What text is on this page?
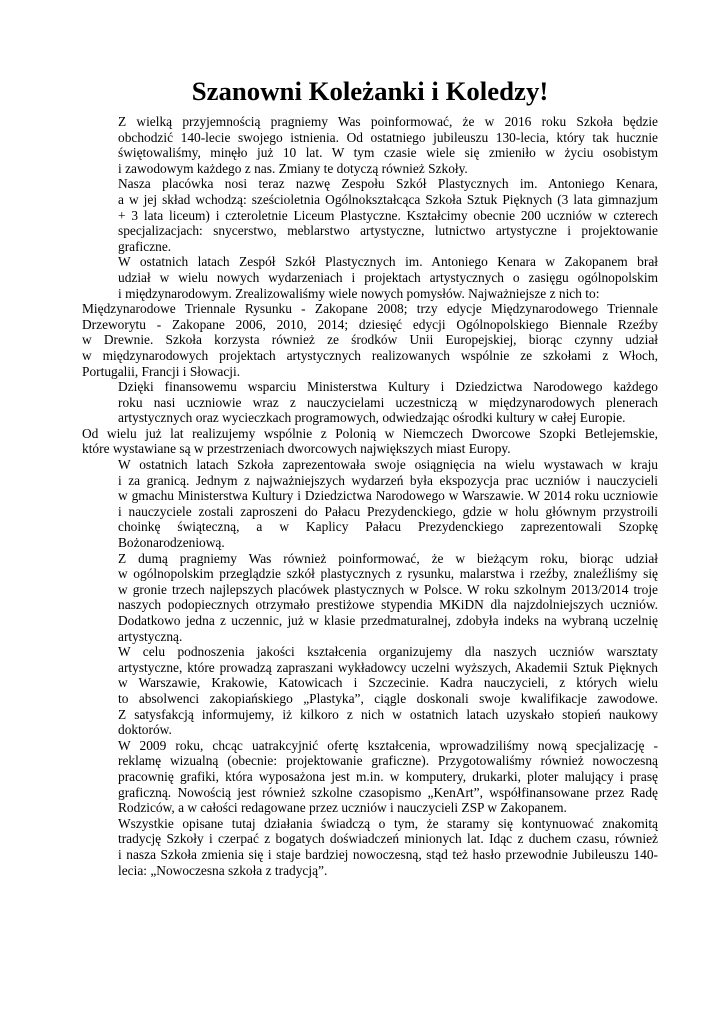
Szanowni Koleżanki i Koledzy!

Z wielką przyjemnością pragniemy Was poinformować, że w 2016 roku Szkoła będzie
obchodzić 140-lecie swojego istnienia. Od ostatniego jubileuszu 130-lecia, który tak hucznie
świętowaliśmy, minęło już 10 lat. W tym czasie wiele się zmieniło w życiu osobistym
i zawodowym każdego z nas. Zmiany te dotyczą również Szkoły.

Nasza placówka nosi teraz nazwę Zespołu Szkół Plastycznych im. Antoniego Kenara,
a w jej skład wchodzą: sześcioletnia Ogólnokształcąca Szkoła Sztuk Pięknych (3 lata gimnazjum
+ 3 lata liceum) i czteroletnie Liceum Plastyczne. Kształcimy obecnie 200 uczniów w czterech
specjalizacjach: snycerstwo, meblarstwo artystyczne, lutnictwo artystyczne i projektowanie
graficzne.

W ostatnich latach Zespół Szkół Plastycznych im. Antoniego Kenara w Zakopanem brał
udział w wielu nowych wydarzeniach i projektach artystycznych o zasięgu ogólnopolskim
i międzynarodowym. Zrealizowaliśmy wiele nowych pomysłów. Najważniejsze z nich to:

Międzynarodowe Triennale Rysunku - Zakopane 2008; trzy edycje Międzynarodowego Triennale
Drzeworytu - Zakopane 2006, 2010, 2014; dziesięć edycji Ogólnopolskiego Biennale Rzeźby
w Drewnie. Szkoła korzysta również ze środków Unii Europejskiej, biorąc czynny udział
w międzynarodowych projektach artystycznych realizowanych wspólnie ze szkołami z Włoch,
Portugalii, Francji i Słowacji.

Dzięki finansowemu wsparciu Ministerstwa Kultury i Dziedzictwa Narodowego każdego
roku nasi uczniowie wraz z nauczycielami uczestniczą w międzynarodowych plenerach
artystycznych oraz wycieczkach programowych, odwiedzając ośrodki kultury w całej Europie.

Od wielu już lat realizujemy wspólnie z Polonią w Niemczech Dworcowe Szopki Betlejemskie,
które wystawiane są w przestrzeniach dworcowych największych miast Europy.

W ostatnich latach Szkoła zaprezentowała swoje osiągnięcia na wielu wystawach w kraju
i za granicą. Jednym z najważniejszych wydarzeń była ekspozycja prac uczniów i nauczycieli
w gmachu Ministerstwa Kultury i Dziedzictwa Narodowego w Warszawie. W 2014 roku uczniowie
i nauczyciele zostali zaproszeni do Pałacu Prezydenckiego, gdzie w holu głównym przystroili
choinkę świąteczną, a w Kaplicy Pałacu Prezydenckiego zaprezentowali Szopkę
Bożonarodzeniową.

Z dumą pragniemy Was również poinformować, że w bieżącym roku, biorąc udział
w ogólnopolskim przeglądzie szkół plastycznych z rysunku, malarstwa i rzeźby, znaleźliśmy się
w gronie trzech najlepszych placówek plastycznych w Polsce. W roku szkolnym 2013/2014 troje
naszych podopiecznych otrzymało prestiżowe stypendia MKiDN dla najzdolniejszych uczniów.
Dodatkowo jedna z uczennic, już w klasie przedmaturalnej, zdobyła indeks na wybraną uczelnię
artystyczną.

W celu podnoszenia jakości kształcenia organizujemy dla naszych uczniów warsztaty
artystyczne, które prowadzą zapraszani wykładowcy uczelni wyższych, Akademii Sztuk Pięknych
w Warszawie, Krakowie, Katowicach i Szczecinie. Kadra nauczycieli, z których wielu
to absolwenci zakopiańskiego „Plastyka”, ciągle doskonali swoje kwalifikacje zawodowe.
Z satysfakcją informujemy, iż kilkoro z nich w ostatnich latach uzyskało stopień naukowy
doktorów.

W 2009 roku, chcąc uatrakcyjnić ofertę kształcenia, wprowadziliśmy nową specjalizację -
reklamę wizualną (obecnie: projektowanie graficzne). Przygotowaliśmy również nowoczesną
pracownię grafiki, która wyposażona jest m.in. w komputery, drukarki, ploter malujący i prasę
graficzną. Nowością jest również szkolne czasopismo „KenArt”, współfinansowane przez Radę
Rodziców, a w całości redagowane przez uczniów i nauczycieli ZSP w Zakopanem.

Wszystkie opisane tutaj działania świadczą o tym, że staramy się kontynuować znakomitą
tradycję Szkoły i czerpać z bogatych doświadczeń minionych lat. Idąc z duchem czasu, również
i nasza Szkoła zmienia się i staje bardziej nowoczesną, stąd też hasło przewodnie Jubileuszu 140-
lecia: „Nowoczesna szkoła z tradycją”.
